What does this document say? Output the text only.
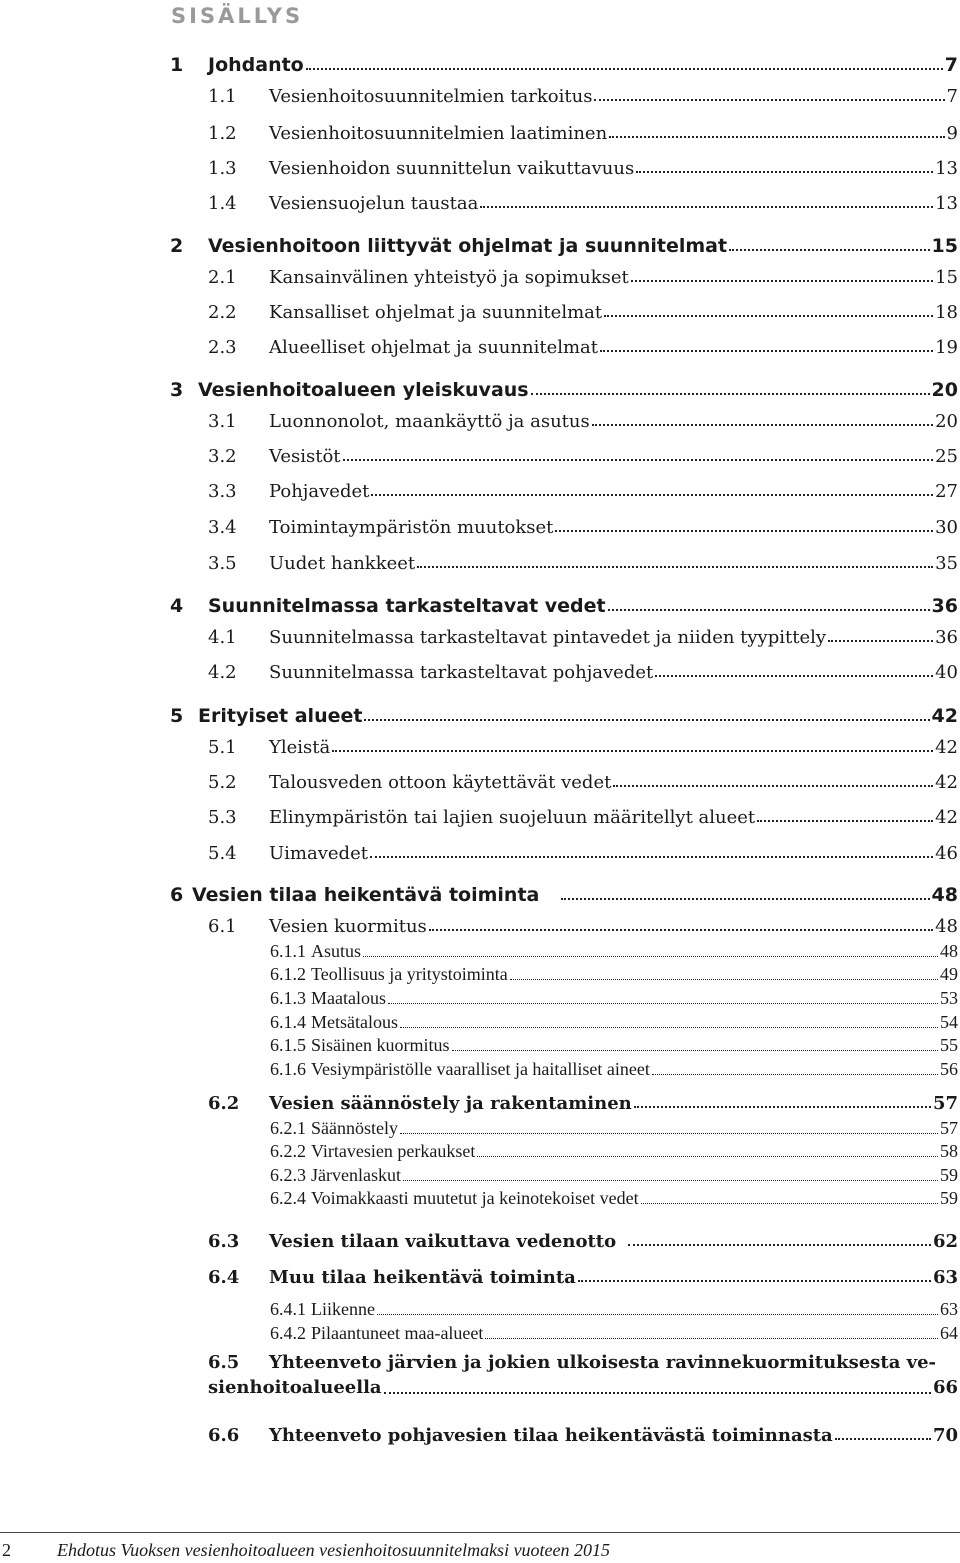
SISÄLLYS
1	Johdanto	7
1.1	Vesienhoitosuunnitelmien tarkoitus	7
1.2	Vesienhoitosuunnitelmien laatiminen	9
1.3	Vesienhoidon suunnittelun vaikuttavuus	13
1.4	Vesiensuojelun taustaa	13
2	Vesienhoitoon liittyvät ohjelmat ja suunnitelmat	15
2.1	Kansainvälinen yhteistyö ja sopimukset	15
2.2	Kansalliset ohjelmat ja suunnitelmat	18
2.3	Alueelliset ohjelmat ja suunnitelmat	19
3 Vesienhoitoalueen yleiskuvaus	20
3.1	Luonnonolot, maankäyttö ja asutus	20
3.2	Vesistöt	25
3.3	Pohjavedet	27
3.4	Toimintaympäristön muutokset	30
3.5	Uudet hankkeet	35
4	Suunnitelmassa tarkasteltavat vedet	36
4.1	Suunnitelmassa tarkasteltavat pintavedet ja niiden tyypittely	36
4.2	Suunnitelmassa tarkasteltavat pohjavedet	40
5 Erityiset alueet	42
5.1	Yleistä	42
5.2	Talousveden ottoon käytettävät vedet	42
5.3	Elinympäristön tai lajien suojeluun määritellyt alueet	42
5.4	Uimavedet	46
6 Vesien tilaa heikentävä toiminta	48
6.1	Vesien kuormitus	48
6.1.1 Asutus	48
6.1.2 Teollisuus ja yritystoiminta	49
6.1.3 Maatalous	53
6.1.4 Metsätalous	54
6.1.5 Sisäinen kuormitus	55
6.1.6 Vesiympäristölle vaaralliset ja haitalliset aineet	56
6.2 Vesien säännöstely ja rakentaminen	57
6.2.1 Säännöstely	57
6.2.2 Virtavesien perkaukset	58
6.2.3 Järvenlaskut	59
6.2.4 Voimakkaasti muutetut ja keinotekoiset vedet	59
6.3 Vesien tilaan vaikuttava vedenotto	62
6.4 Muu tilaa heikentävä toiminta	63
6.4.1 Liikenne	63
6.4.2 Pilaantuneet maa-alueet	64
6.5 Yhteenveto järvien ja jokien ulkoisesta ravinnekuormituksesta ve-
sienhoitoalueella	66
6.6 Yhteenveto pohjavesien tilaa heikentävästä toiminnasta	70
2	Ehdotus Vuoksen vesienhoitoalueen vesienhoitosuunnitelmaksi vuoteen 2015
